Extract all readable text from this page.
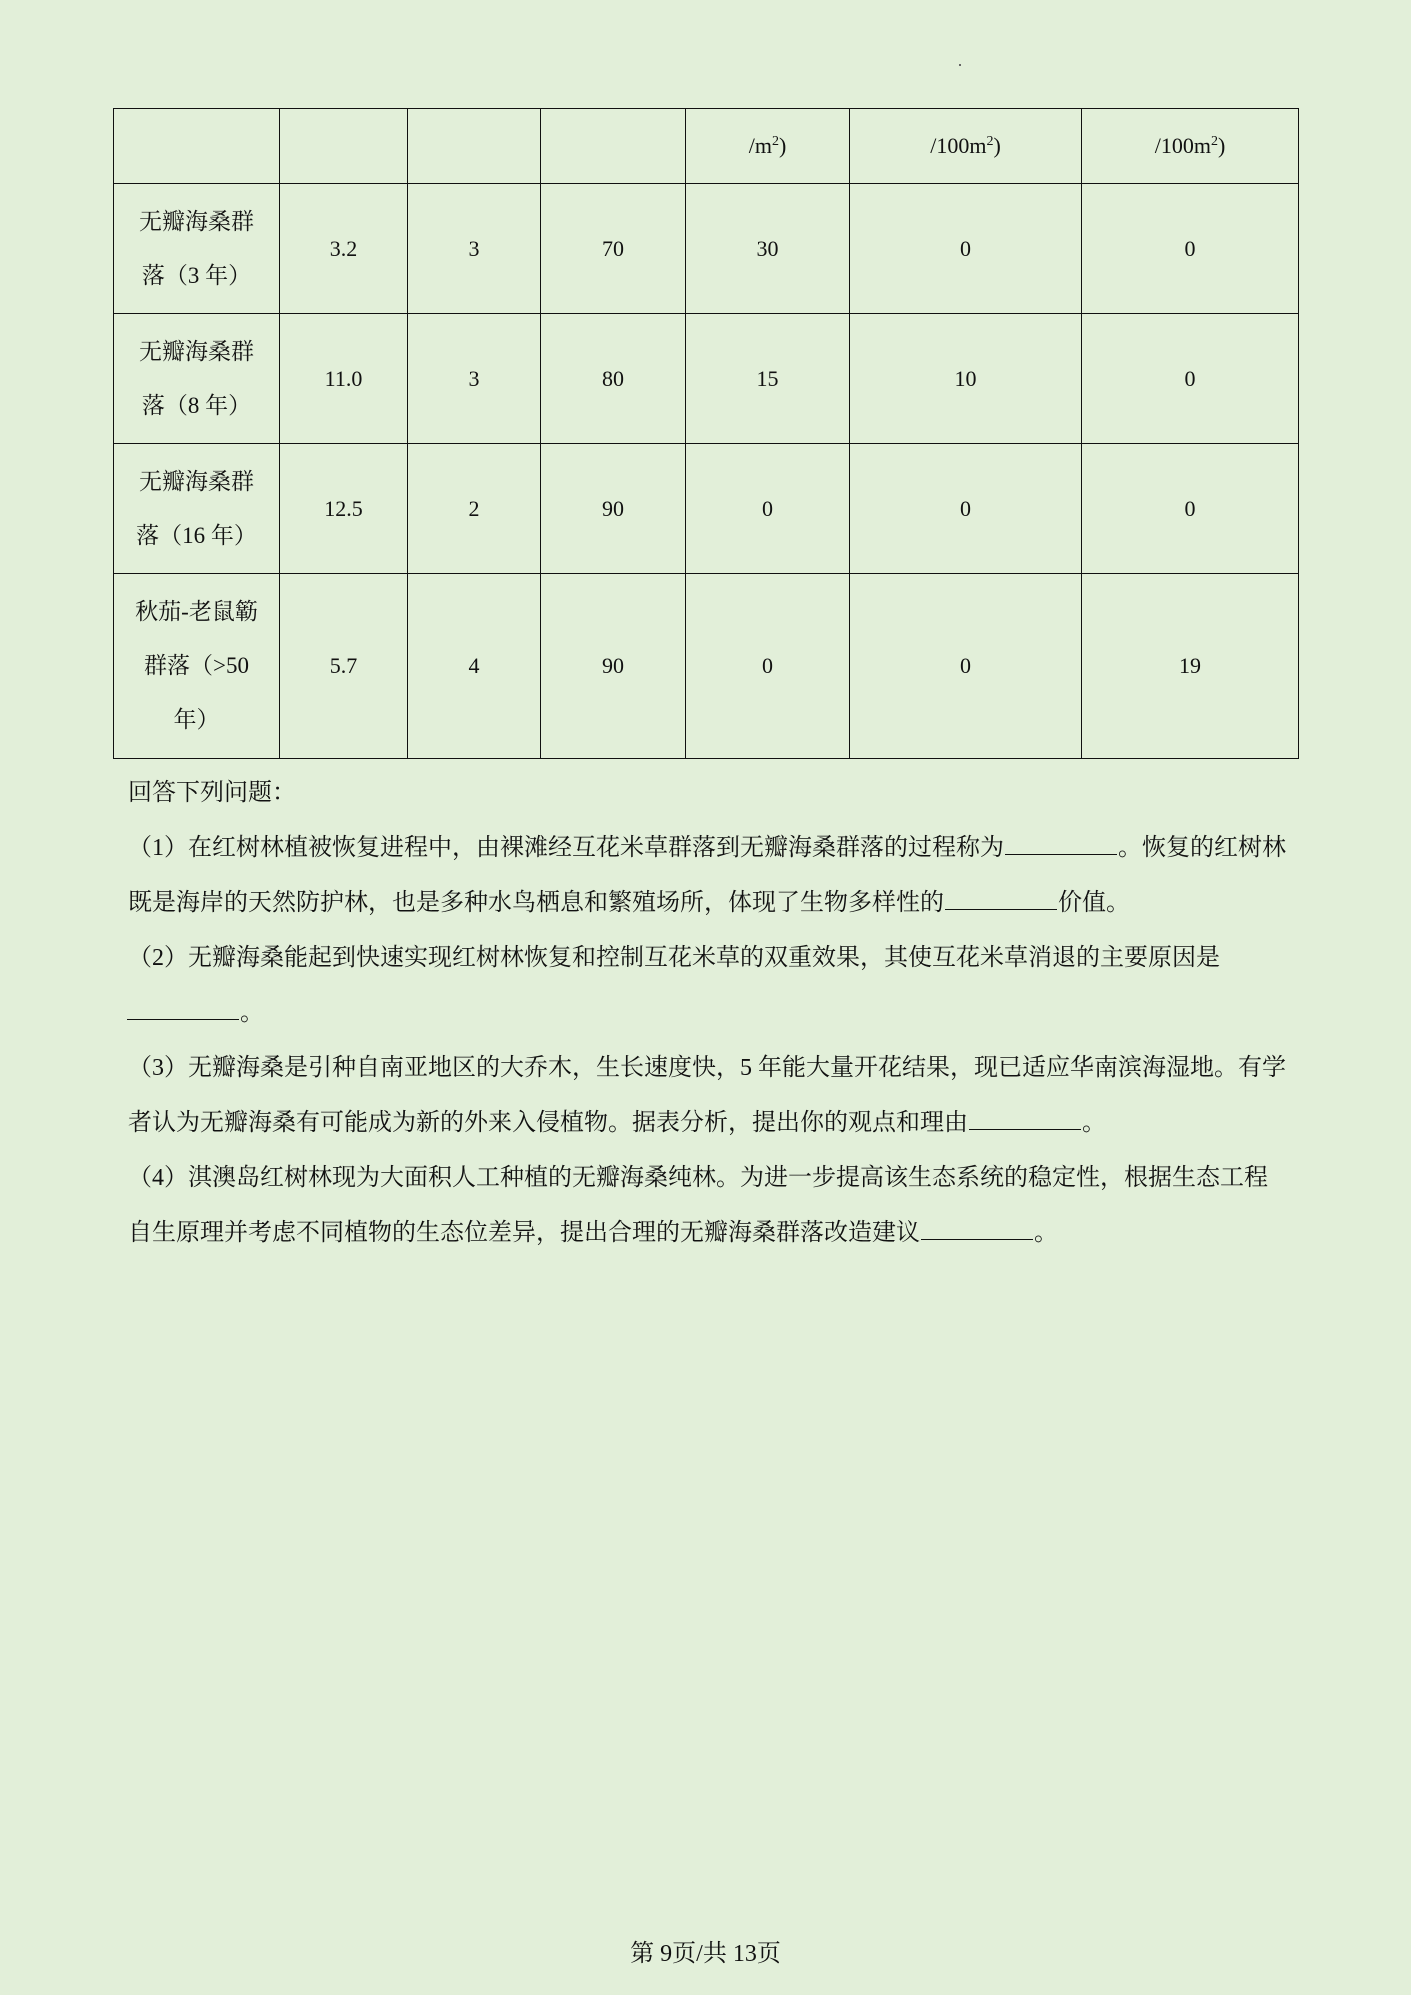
				$/m^2$)	$/100m^2$)	$/100m^2$)
无瓣海桑群
落（3 年）	3.2	3	70	30	0	0
无瓣海桑群
落（8 年）	11.0	3	80	15	10	0
无瓣海桑群
落（16 年）	12.5	2	90	0	0	0
秋茄-老鼠簕
群落（>50
年）	5.7	4	90	0	0	19

回答下列问题：

（1）在红树林植被恢复进程中，由裸滩经互花米草群落到无瓣海桑群落的过程称为	。恢复的红树林既是海岸的天然防护林，也是多种水鸟栖息和繁殖场所，体现了生物多样性的	价值。

（2）无瓣海桑能起到快速实现红树林恢复和控制互花米草的双重效果，其使互花米草消退的主要原因是

。

（3）无瓣海桑是引种自南亚地区的大乔木，生长速度快，5 年能大量开花结果，现已适应华南滨海湿地。有学者认为无瓣海桑有可能成为新的外来入侵植物。据表分析，提出你的观点和理由	。

（4）淇澳岛红树林现为大面积人工种植的无瓣海桑纯林。为进一步提高该生态系统的稳定性，根据生态工程自生原理并考虑不同植物的生态位差异，提出合理的无瓣海桑群落改造建议	。

第 9页/共 13页
